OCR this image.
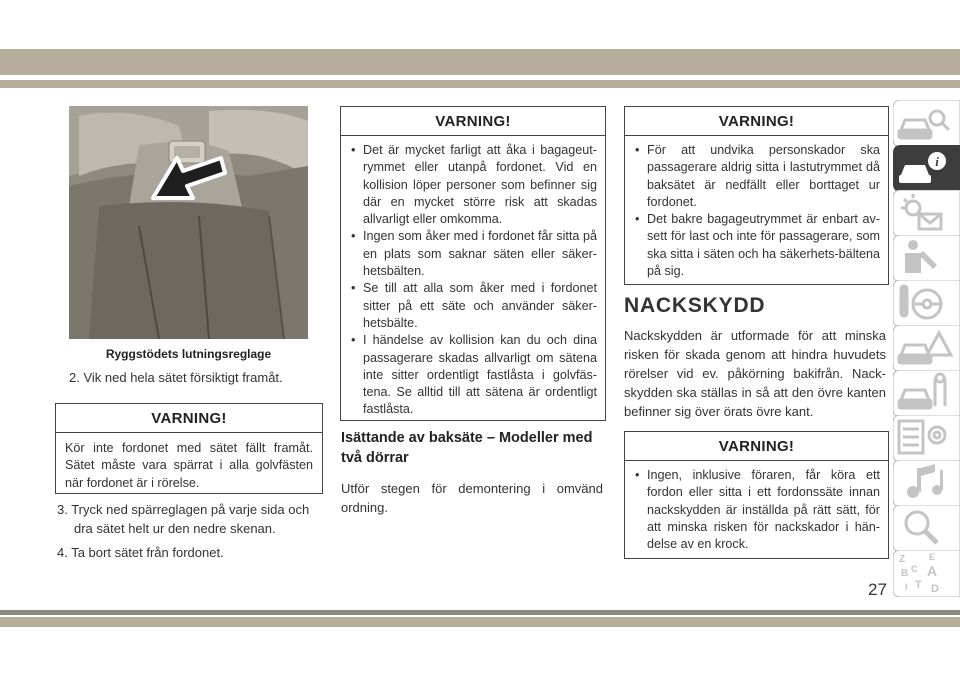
Ryggstödets lutningsreglage

2. Vik ned hela sätet försiktigt framåt.

VARNING!
Kör inte fordonet med sätet fällt framåt. Sätet måste vara spärrat i alla golvfästen när fordonet är i rörelse.

3. Tryck ned spärreglagen på varje sida och dra sätet helt ur den nedre skenan.

4. Ta bort sätet från fordonet.

VARNING!
• Det är mycket farligt att åka i bagageut-rymmet eller utanpå fordonet. Vid en kollision löper personer som befinner sig där en mycket större risk att skadas allvarligt eller omkomma.
• Ingen som åker med i fordonet får sitta på en plats som saknar säten eller säker-hetsbälten.
• Se till att alla som åker med i fordonet sitter på ett säte och använder säker-hetsbälte.
• I händelse av kollision kan du och dina passagerare skadas allvarligt om sätena inte sitter ordentligt fastlåsta i golvfäs-tena. Se alltid till att sätena är ordentligt fastlåsta.
Isättande av baksäte – Modeller med två dörrar

Utför stegen för demontering i omvänd ordning.

VARNING!
• För att undvika personskador ska passagerare aldrig sitta i lastutrymmet då baksätet är nedfällt eller borttaget ur fordonet.
• Det bakre bagageutrymmet är enbart av-sett för last och inte för passagerare, som ska sitta i säten och ha säkerhets-bältena på sig.
NACKSKYDD

Nackskydden är utformade för att minska risken för skada genom att hindra huvudets rörelser vid ev. påkörning bakifrån. Nack-skydden ska ställas in så att den övre kanten befinner sig över örats övre kant.

VARNING!
• Ingen, inklusive föraren, får köra ett fordon eller sitta i ett fordonssäte innan nackskydden är inställda på rätt sätt, för att minska risken för nackskador i hän-delse av en krock.
i
Z	E
B A
C
I T D
27
